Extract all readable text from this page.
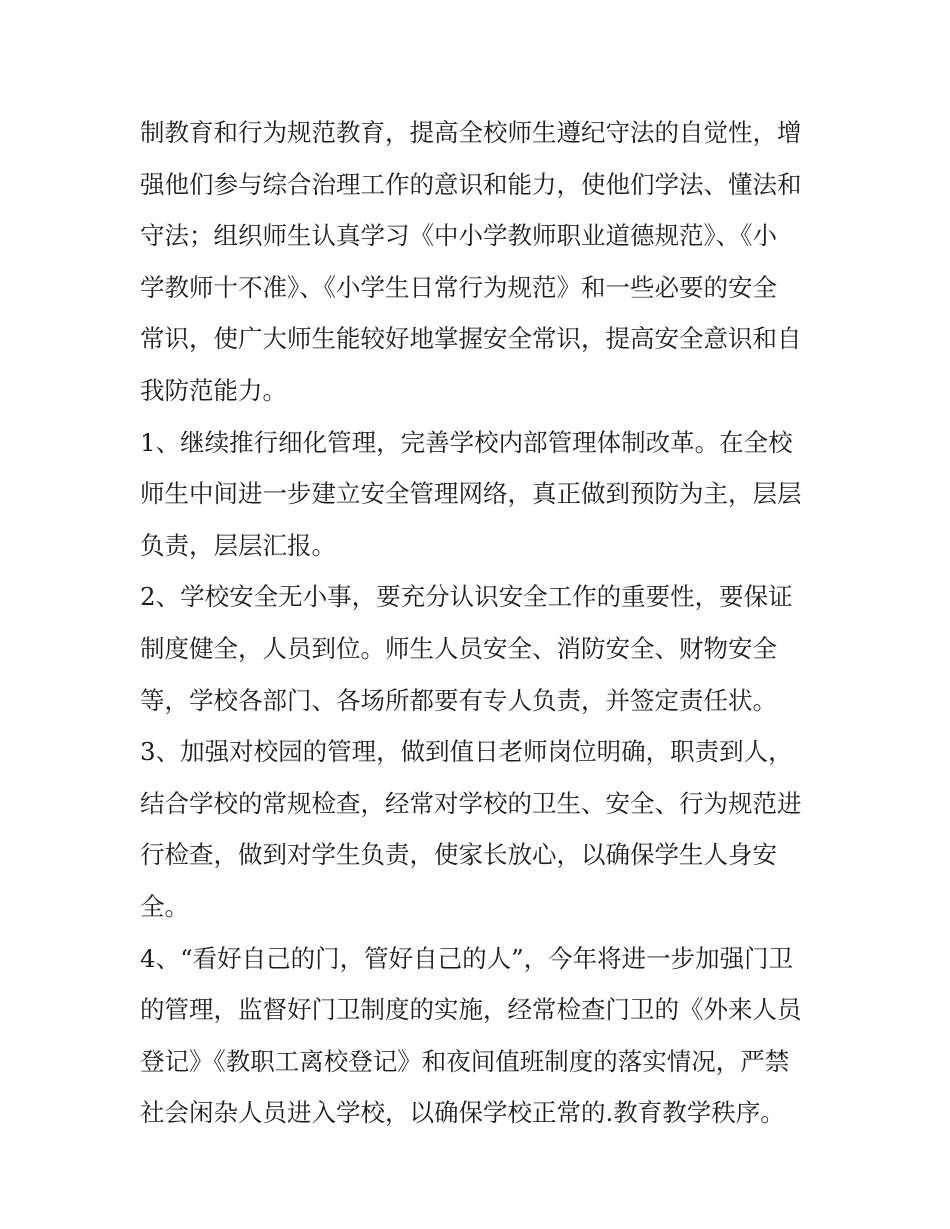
制教育和行为规范教育，提高全校师生遵纪守法的自觉性，增
强他们参与综合治理工作的意识和能力，使他们学法、懂法和
守法；组织师生认真学习《中小学教师职业道德规范》、《小
学教师十不准》、《小学生日常行为规范》和一些必要的安全
常识，使广大师生能较好地掌握安全常识，提高安全意识和自
我防范能力。
1、继续推行细化管理，完善学校内部管理体制改革。在全校
师生中间进一步建立安全管理网络，真正做到预防为主，层层
负责，层层汇报。
2、学校安全无小事，要充分认识安全工作的重要性，要保证
制度健全，人员到位。师生人员安全、消防安全、财物安全
等，学校各部门、各场所都要有专人负责，并签定责任状。
3、加强对校园的管理，做到值日老师岗位明确，职责到人，
结合学校的常规检查，经常对学校的卫生、安全、行为规范进
行检查，做到对学生负责，使家长放心，以确保学生人身安
全。
4、“看好自己的门，管好自己的人”，今年将进一步加强门卫
的管理，监督好门卫制度的实施，经常检查门卫的《外来人员
登记》《教职工离校登记》和夜间值班制度的落实情况，严禁
社会闲杂人员进入学校，以确保学校正常的.教育教学秩序。
